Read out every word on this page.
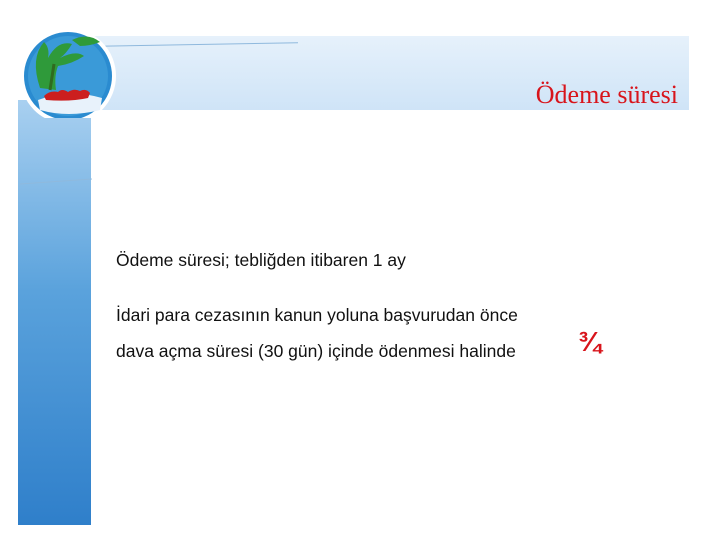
Ödeme süresi
Ödeme süresi; tebliğden itibaren 1 ay
İdari para cezasının kanun yoluna başvurudan önce
dava açma süresi (30 gün) içinde ödenmesi halinde ¾
